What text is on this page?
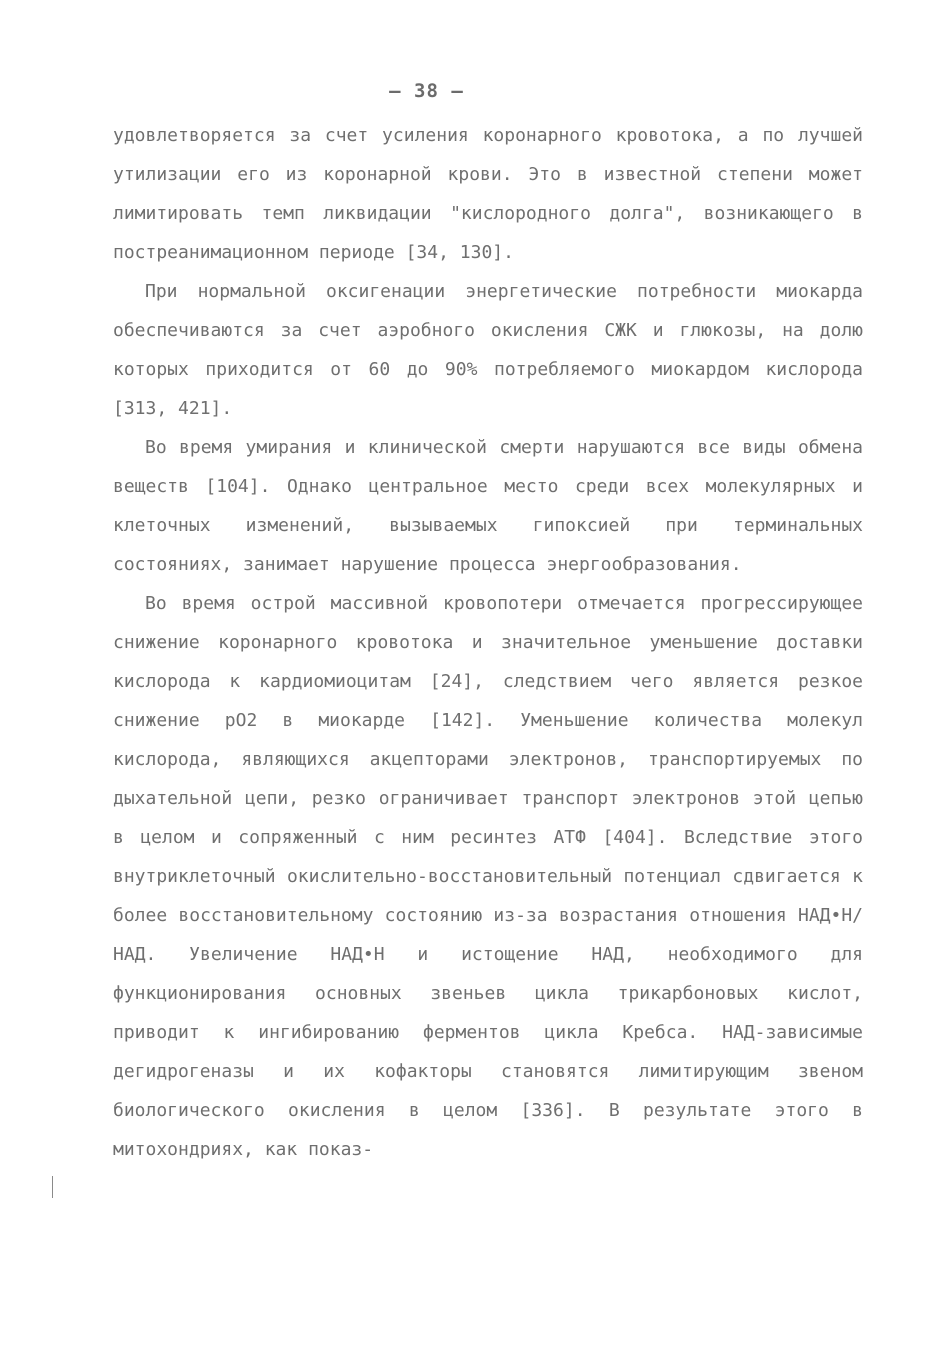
– 38 –

удовлетворяется за счет усиления коронарного кровотока, а по лучшей утилизации его из коронарной крови. Это в известной степени может лимитировать темп ликвидации "кислородного долга", возникающего в постреанимационном периоде [34, 130].

При нормальной оксигенации энергетические потребности миокарда обеспечиваются за счет аэробного окисления СЖК и глюкозы, на долю которых приходится от 60 до 90% потребляемого миокардом кислорода [313, 421].

Во время умирания и клинической смерти нарушаются все виды обмена веществ [104]. Однако центральное место среди всех молекулярных и клеточных изменений, вызываемых гипоксией при терминальных состояниях, занимает нарушение процесса энергообразования.

Во время острой массивной кровопотери отмечается прогрессирующее снижение коронарного кровотока и значительное уменьшение доставки кислорода к кардиомиоцитам [24], следствием чего является резкое снижение pO2 в миокарде [142]. Уменьшение количества молекул кислорода, являющихся акцепторами электронов, транспортируемых по дыхательной цепи, резко ограничивает транспорт электронов этой цепью в целом и сопряженный с ним ресинтез АТФ [404]. Вследствие этого внутриклеточный окислительно-восстановительный потенциал сдвигается к более восстановительному состоянию из-за возрастания отношения НАД•Н/НАД. Увеличение НАД•Н и истощение НАД, необходимого для функционирования основных звеньев цикла трикарбоновых кислот, приводит к ингибированию ферментов цикла Кребса. НАД-зависимые дегидрогеназы и их кофакторы становятся лимитирующим звеном биологического окисления в целом [336]. В результате этого в митохондриях, как показ-
